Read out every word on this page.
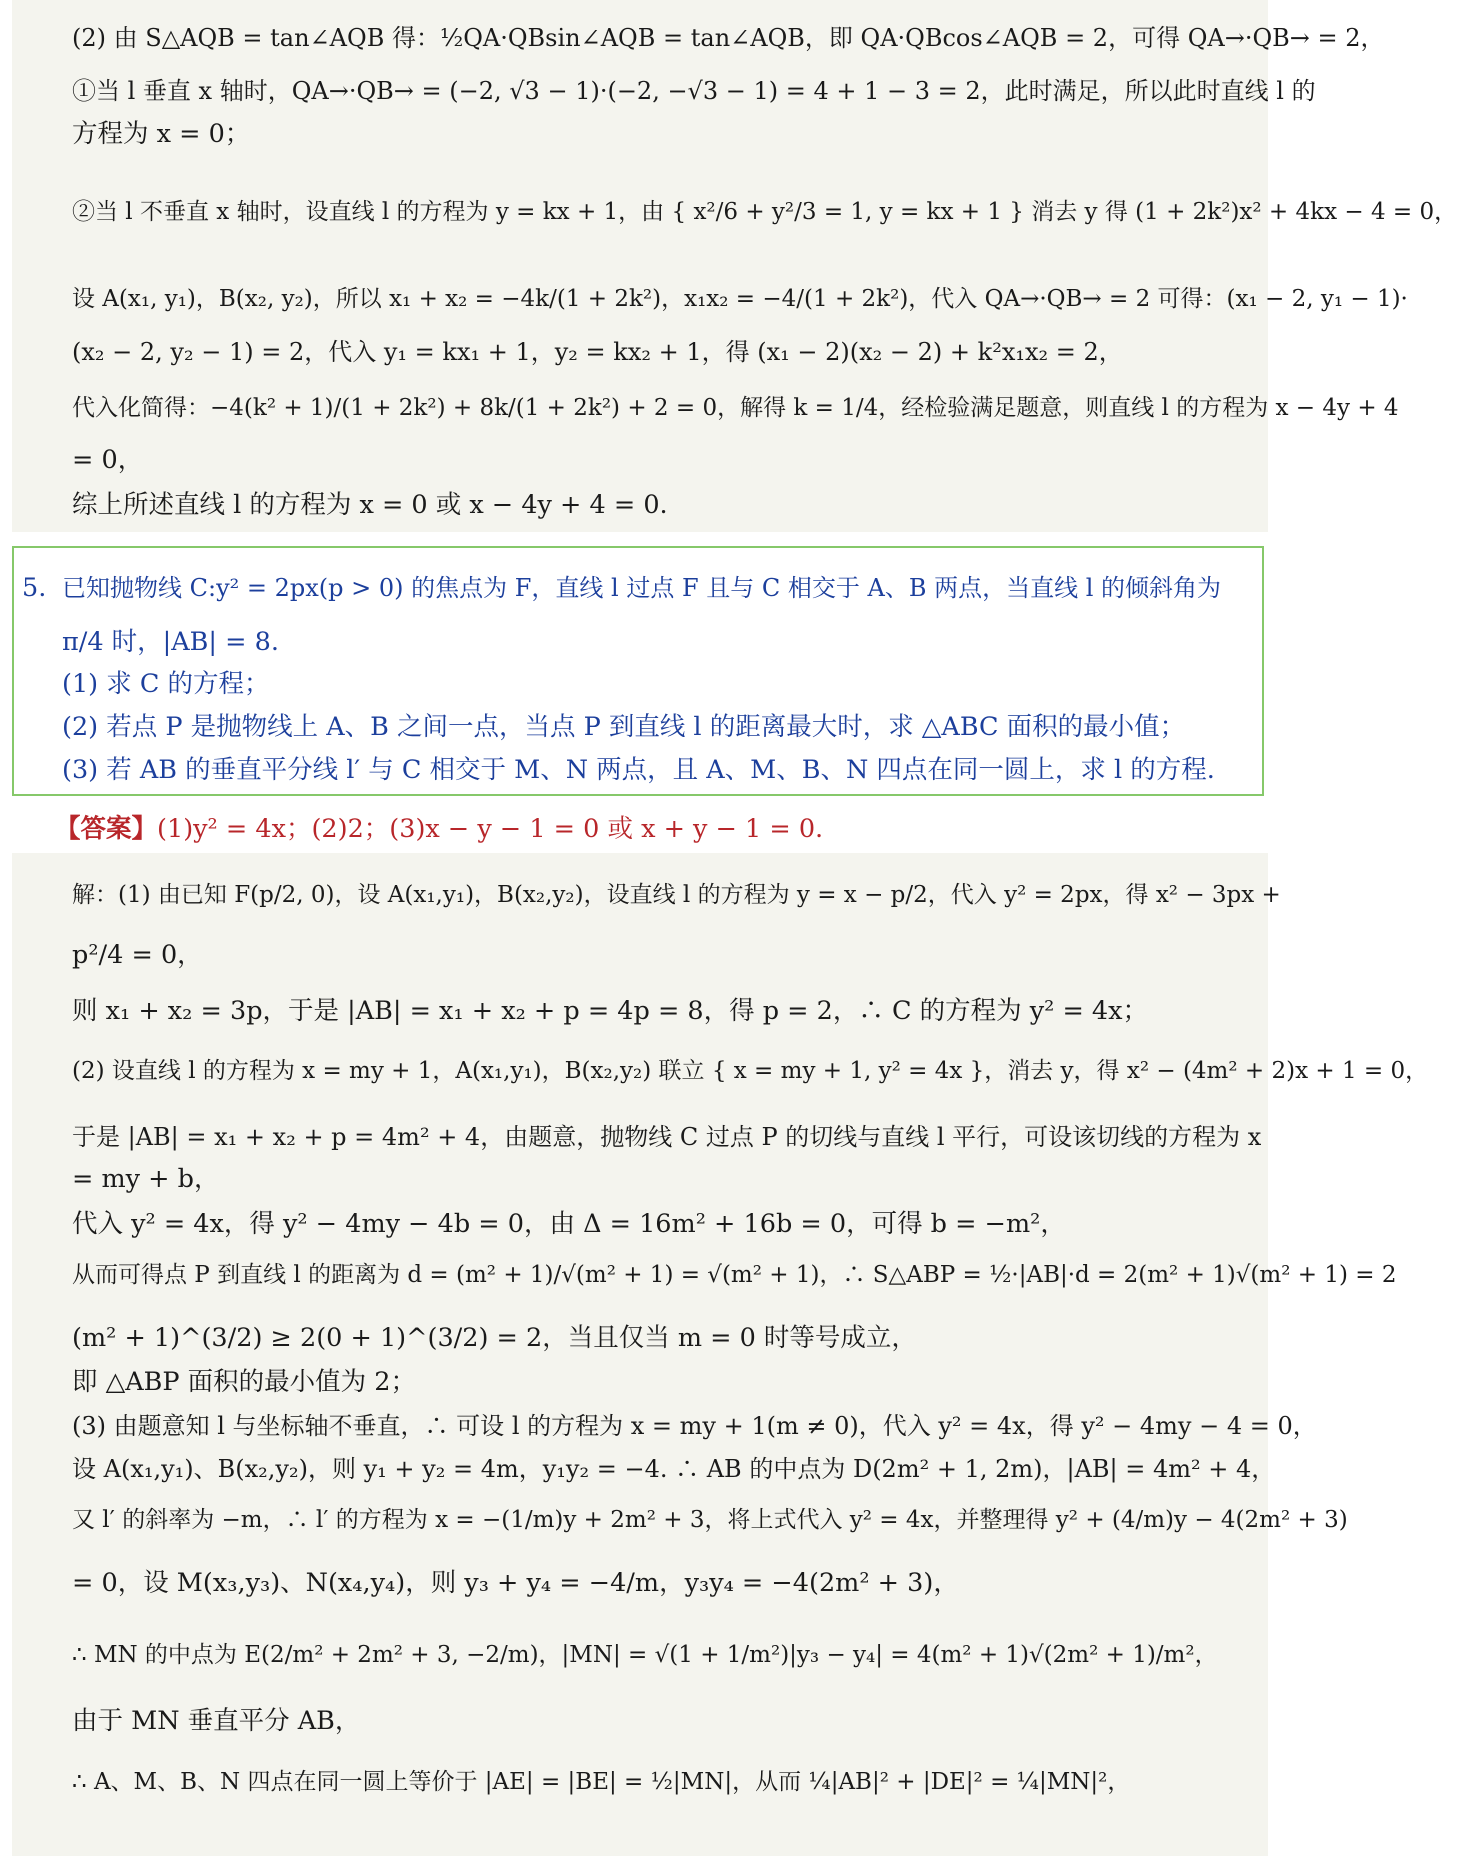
(2) 由 S△AQB = tan∠AQB 得：½QA·QBsin∠AQB = tan∠AQB，即 QA·QBcos∠AQB = 2，可得 QA→·QB→ = 2，
①当 l 垂直 x 轴时，QA→·QB→ = (−2, √3 − 1)·(−2, −√3 − 1) = 4 + 1 − 3 = 2，此时满足，所以此时直线 l 的
方程为 x = 0；
②当 l 不垂直 x 轴时，设直线 l 的方程为 y = kx + 1，由 { x²/6 + y²/3 = 1, y = kx + 1 } 消去 y 得 (1 + 2k²)x² + 4kx − 4 = 0，
设 A(x₁, y₁)，B(x₂, y₂)，所以 x₁ + x₂ = −4k/(1 + 2k²)，x₁x₂ = −4/(1 + 2k²)，代入 QA→·QB→ = 2 可得：(x₁ − 2, y₁ − 1)·
(x₂ − 2, y₂ − 1) = 2，代入 y₁ = kx₁ + 1，y₂ = kx₂ + 1，得 (x₁ − 2)(x₂ − 2) + k²x₁x₂ = 2，
代入化简得：−4(k² + 1)/(1 + 2k²) + 8k/(1 + 2k²) + 2 = 0，解得 k = 1/4，经检验满足题意，则直线 l 的方程为 x − 4y + 4
= 0，
综上所述直线 l 的方程为 x = 0 或 x − 4y + 4 = 0.
5. 已知抛物线 C:y² = 2px(p > 0) 的焦点为 F，直线 l 过点 F 且与 C 相交于 A、B 两点，当直线 l 的倾斜角为
π/4 时，|AB| = 8.
(1) 求 C 的方程；
(2) 若点 P 是抛物线上 A、B 之间一点，当点 P 到直线 l 的距离最大时，求 △ABC 面积的最小值；
(3) 若 AB 的垂直平分线 l′ 与 C 相交于 M、N 两点，且 A、M、B、N 四点在同一圆上，求 l 的方程.
【答案】(1)y² = 4x；(2)2；(3)x − y − 1 = 0 或 x + y − 1 = 0.
解：(1) 由已知 F(p/2, 0)，设 A(x₁,y₁)，B(x₂,y₂)，设直线 l 的方程为 y = x − p/2，代入 y² = 2px，得 x² − 3px +
p²/4 = 0，
则 x₁ + x₂ = 3p，于是 |AB| = x₁ + x₂ + p = 4p = 8，得 p = 2，∴ C 的方程为 y² = 4x；
(2) 设直线 l 的方程为 x = my + 1，A(x₁,y₁)，B(x₂,y₂) 联立 { x = my + 1, y² = 4x }，消去 y，得 x² − (4m² + 2)x + 1 = 0，
于是 |AB| = x₁ + x₂ + p = 4m² + 4，由题意，抛物线 C 过点 P 的切线与直线 l 平行，可设该切线的方程为 x
= my + b，
代入 y² = 4x，得 y² − 4my − 4b = 0，由 Δ = 16m² + 16b = 0，可得 b = −m²，
从而可得点 P 到直线 l 的距离为 d = (m² + 1)/√(m² + 1) = √(m² + 1)，∴ S△ABP = ½·|AB|·d = 2(m² + 1)√(m² + 1) = 2
(m² + 1)^(3/2) ≥ 2(0 + 1)^(3/2) = 2，当且仅当 m = 0 时等号成立，
即 △ABP 面积的最小值为 2；
(3) 由题意知 l 与坐标轴不垂直，∴ 可设 l 的方程为 x = my + 1(m ≠ 0)，代入 y² = 4x，得 y² − 4my − 4 = 0，
设 A(x₁,y₁)、B(x₂,y₂)，则 y₁ + y₂ = 4m，y₁y₂ = −4. ∴ AB 的中点为 D(2m² + 1, 2m)，|AB| = 4m² + 4，
又 l′ 的斜率为 −m，∴ l′ 的方程为 x = −(1/m)y + 2m² + 3，将上式代入 y² = 4x，并整理得 y² + (4/m)y − 4(2m² + 3)
= 0，设 M(x₃,y₃)、N(x₄,y₄)，则 y₃ + y₄ = −4/m，y₃y₄ = −4(2m² + 3)，
∴ MN 的中点为 E(2/m² + 2m² + 3, −2/m)，|MN| = √(1 + 1/m²)|y₃ − y₄| = 4(m² + 1)√(2m² + 1)/m²，
由于 MN 垂直平分 AB，
∴ A、M、B、N 四点在同一圆上等价于 |AE| = |BE| = ½|MN|，从而 ¼|AB|² + |DE|² = ¼|MN|²，
